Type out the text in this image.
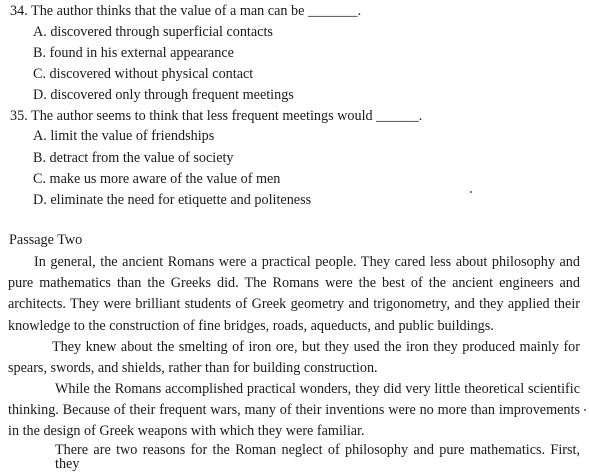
34. The author thinks that the value of a man can be _______.
A. discovered through superficial contacts
B. found in his external appearance
C. discovered without physical contact
D. discovered only through frequent meetings
35. The author seems to think that less frequent meetings would ______.
A. limit the value of friendships
B. detract from the value of society
C. make us more aware of the value of men
D. eliminate the need for etiquette and politeness
Passage Two
In general, the ancient Romans were a practical people. They cared less about philosophy and
pure mathematics than the Greeks did. The Romans were the best of the ancient engineers and
architects. They were brilliant students of Greek geometry and trigonometry, and they applied their
knowledge to the construction of fine bridges, roads, aqueducts, and public buildings.
They knew about the smelting of iron ore, but they used the iron they produced mainly for
spears, swords, and shields, rather than for building construction.
While the Romans accomplished practical wonders, they did very little theoretical scientific
thinking. Because of their frequent wars, many of their inventions were no more than improvements
in the design of Greek weapons with which they were familiar.
There are two reasons for the Roman neglect of philosophy and pure mathematics. First, they
